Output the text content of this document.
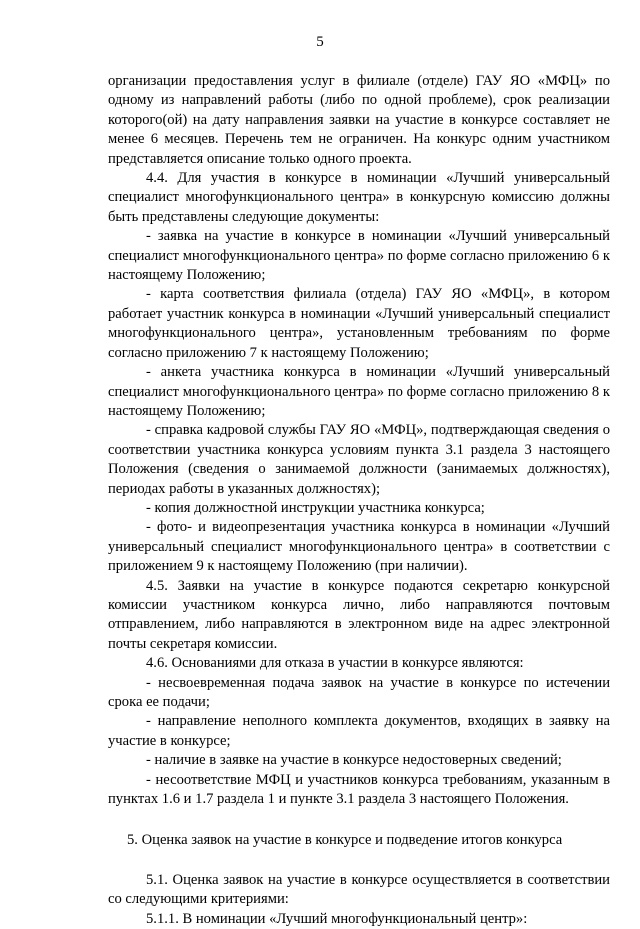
5

организации предоставления услуг в филиале (отделе) ГАУ ЯО «МФЦ» по одному из направлений работы (либо по одной проблеме), срок реализации которого(ой) на дату направления заявки на участие в конкурсе составляет не менее 6 месяцев. Перечень тем не ограничен. На конкурс одним участником представляется описание только одного проекта.

4.4. Для участия в конкурсе в номинации «Лучший универсальный специалист многофункционального центра» в конкурсную комиссию должны быть представлены следующие документы:

- заявка на участие в конкурсе в номинации «Лучший универсальный специалист многофункционального центра» по форме согласно приложению 6 к настоящему Положению;

- карта соответствия филиала (отдела) ГАУ ЯО «МФЦ», в котором работает участник конкурса в номинации «Лучший универсальный специалист многофункционального центра», установленным требованиям по форме согласно приложению 7 к настоящему Положению;

- анкета участника конкурса в номинации «Лучший универсальный специалист многофункционального центра» по форме согласно приложению 8 к настоящему Положению;

- справка кадровой службы ГАУ ЯО «МФЦ», подтверждающая сведения о соответствии участника конкурса условиям пункта 3.1 раздела 3 настоящего Положения (сведения о занимаемой должности (занимаемых должностях), периодах работы в указанных должностях);

- копия должностной инструкции участника конкурса;

- фото- и видеопрезентация участника конкурса в номинации «Лучший универсальный специалист многофункционального центра» в соответствии с приложением 9 к настоящему Положению (при наличии).

4.5. Заявки на участие в конкурсе подаются секретарю конкурсной комиссии участником конкурса лично, либо направляются почтовым отправлением, либо направляются в электронном виде на адрес электронной почты секретаря комиссии.

4.6. Основаниями для отказа в участии в конкурсе являются:

- несвоевременная подача заявок на участие в конкурсе по истечении срока ее подачи;

- направление неполного комплекта документов, входящих в заявку на участие в конкурсе;

- наличие в заявке на участие в конкурсе недостоверных сведений;

- несоответствие МФЦ и участников конкурса требованиям, указанным в пунктах 1.6 и 1.7 раздела 1 и пункте 3.1 раздела 3 настоящего Положения.

5. Оценка заявок на участие в конкурсе и подведение итогов конкурса

5.1. Оценка заявок на участие в конкурсе осуществляется в соответствии со следующими критериями:

5.1.1. В номинации «Лучший многофункциональный центр»:
